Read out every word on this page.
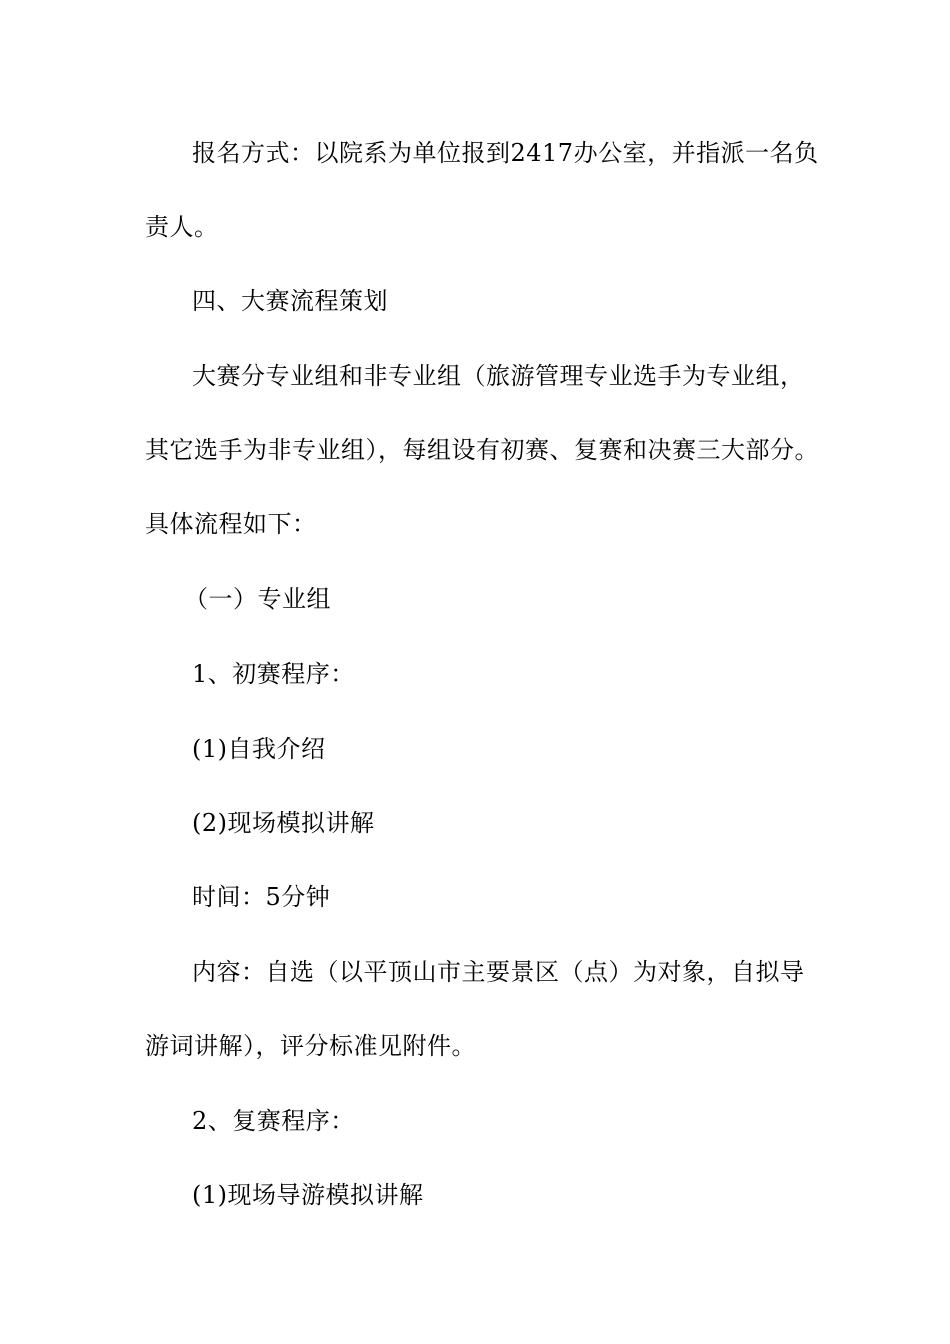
报名方式：以院系为单位报到2417办公室，并指派一名负
责人。
四、大赛流程策划
大赛分专业组和非专业组（旅游管理专业选手为专业组，
其它选手为非专业组），每组设有初赛、复赛和决赛三大部分。
具体流程如下：
（一）专业组
1、初赛程序：
(1)自我介绍
(2)现场模拟讲解
时间：5分钟
内容：自选（以平顶山市主要景区（点）为对象，自拟导
游词讲解），评分标准见附件。
2、复赛程序：
(1)现场导游模拟讲解
